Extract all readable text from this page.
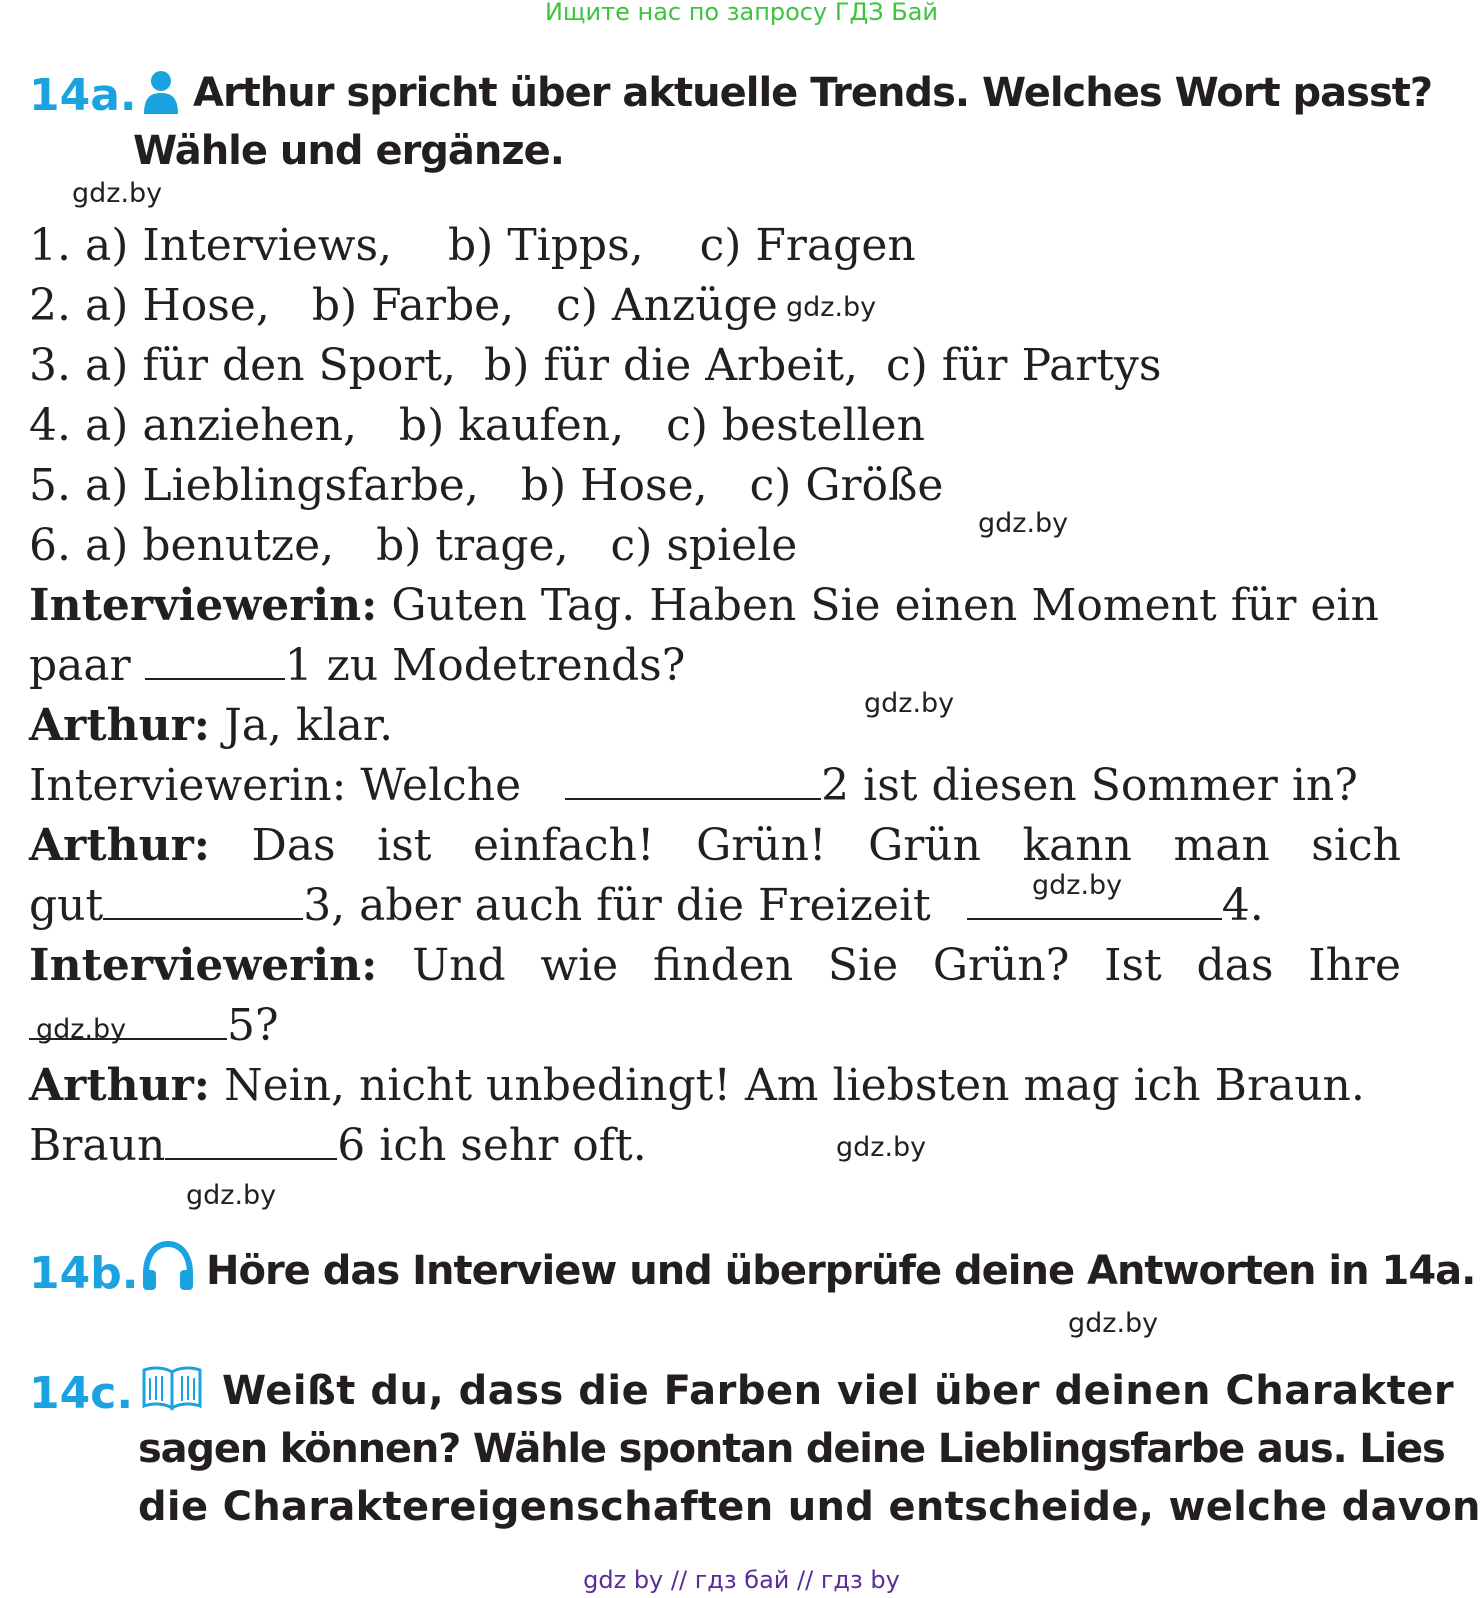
Ищите нас по запросу ГДЗ Бай
14a. Arthur spricht über aktuelle Trends. Welches Wort passt?
Wähle und ergänze.
1. a) Interviews, b) Tipps, c) Fragen
2. a) Hose, b) Farbe, c) Anzüge
3. a) für den Sport, b) für die Arbeit, c) für Partys
4. a) anziehen, b) kaufen, c) bestellen
5. a) Lieblingsfarbe, b) Hose, c) Größe
6. a) benutze, b) trage, c) spiele
Interviewerin: Guten Tag. Haben Sie einen Moment für ein
paar	1 zu Modetrends?
Arthur: Ja, klar.
Interviewerin: Welche	2 ist diesen Sommer in?
Arthur: Das ist einfach! Grün! Grün kann man sich
gut	3, aber auch für die Freizeit	4.
Interviewerin: Und wie finden Sie Grün? Ist das Ihre
5?
Arthur: Nein, nicht unbedingt! Am liebsten mag ich Braun.
Braun	6 ich sehr oft.
14b. Höre das Interview und überprüfe deine Antworten in 14a.
14c. Weißt du, dass die Farben viel über deinen Charakter
sagen können? Wähle spontan deine Lieblingsfarbe aus. Lies
die Charaktereigenschaften und entscheide, welche davon
gdz.by
gdz.by
gdz.by
gdz.by
gdz.by
gdz.by
gdz.by
gdz.by
gdz.by
gdz by // гдз бай // гдз by
